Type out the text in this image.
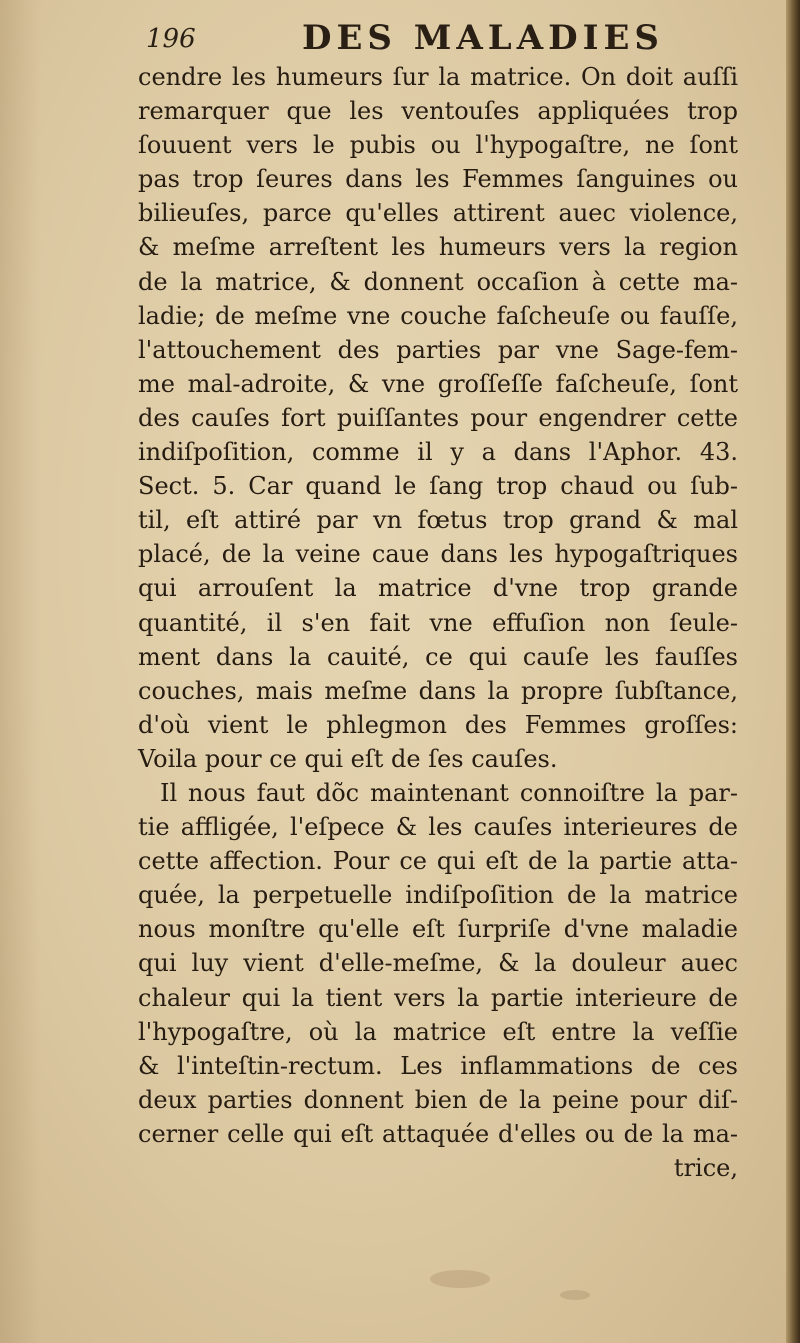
196	DES MALADIES
cendre les humeurs ſur la matrice. On doit auſſi
remarquer que les ventouſes appliquées trop
ſouuent vers le pubis ou l'hypogaſtre, ne ſont
pas trop ſeures dans les Femmes ſanguines ou
bilieuſes, parce qu'elles attirent auec violence,
& meſme arreſtent les humeurs vers la region
de la matrice, & donnent occaſion à cette ma-
ladie; de meſme vne couche faſcheuſe ou fauſſe,
l'attouchement des parties par vne Sage-fem-
me mal-adroite, & vne groſſeſſe faſcheuſe, ſont
des cauſes fort puiſſantes pour engendrer cette
indiſpoſition, comme il y a dans l'Aphor. 43.
Sect. 5. Car quand le ſang trop chaud ou ſub-
til, eſt attiré par vn fœtus trop grand & mal
placé, de la veine caue dans les hypogaſtriques
qui arrouſent la matrice d'vne trop grande
quantité, il s'en fait vne effuſion non ſeule-
ment dans la cauité, ce qui cauſe les fauſſes
couches, mais meſme dans la propre ſubſtance,
d'où vient le phlegmon des Femmes groſſes:
Voila pour ce qui eſt de ſes cauſes.
Il nous faut dõc maintenant connoiſtre la par-
tie affligée, l'eſpece & les cauſes interieures de
cette affection. Pour ce qui eſt de la partie atta-
quée, la perpetuelle indiſpoſition de la matrice
nous monſtre qu'elle eſt ſurpriſe d'vne maladie
qui luy vient d'elle-meſme, & la douleur auec
chaleur qui la tient vers la partie interieure de
l'hypogaſtre, où la matrice eſt entre la veſſie
& l'inteſtin-rectum. Les inflammations de ces
deux parties donnent bien de la peine pour diſ-
cerner celle qui eſt attaquée d'elles ou de la ma-
trice,
